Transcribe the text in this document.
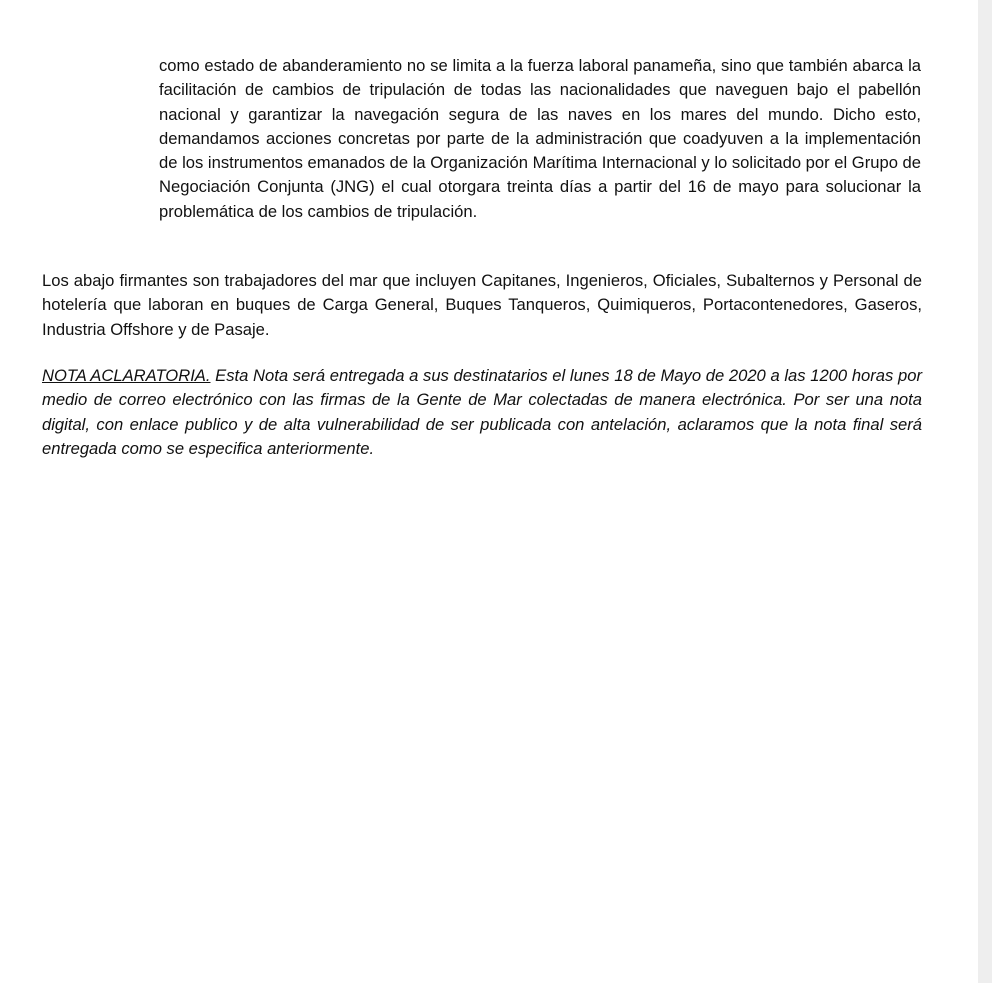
como estado de abanderamiento no se limita a la fuerza laboral panameña, sino que también abarca la facilitación de cambios de tripulación de todas las nacionalidades que naveguen bajo el pabellón nacional y garantizar la navegación segura de las naves en los mares del mundo. Dicho esto, demandamos acciones concretas por parte de la administración que coadyuven a la implementación de los instrumentos emanados de la Organización Marítima Internacional y lo solicitado por el Grupo de Negociación Conjunta (JNG) el cual otorgara treinta días a partir del 16 de mayo para solucionar la problemática de los cambios de tripulación.

Los abajo firmantes son trabajadores del mar que incluyen Capitanes, Ingenieros, Oficiales, Subalternos y Personal de hotelería que laboran en buques de Carga General, Buques Tanqueros, Quimiqueros, Portacontenedores, Gaseros, Industria Offshore y de Pasaje.

NOTA ACLARATORIA. Esta Nota será entregada a sus destinatarios el lunes 18 de Mayo de 2020 a las 1200 horas por medio de correo electrónico con las firmas de la Gente de Mar colectadas de manera electrónica. Por ser una nota digital, con enlace publico y de alta vulnerabilidad de ser publicada con antelación, aclaramos que la nota final será entregada como se especifica anteriormente.
